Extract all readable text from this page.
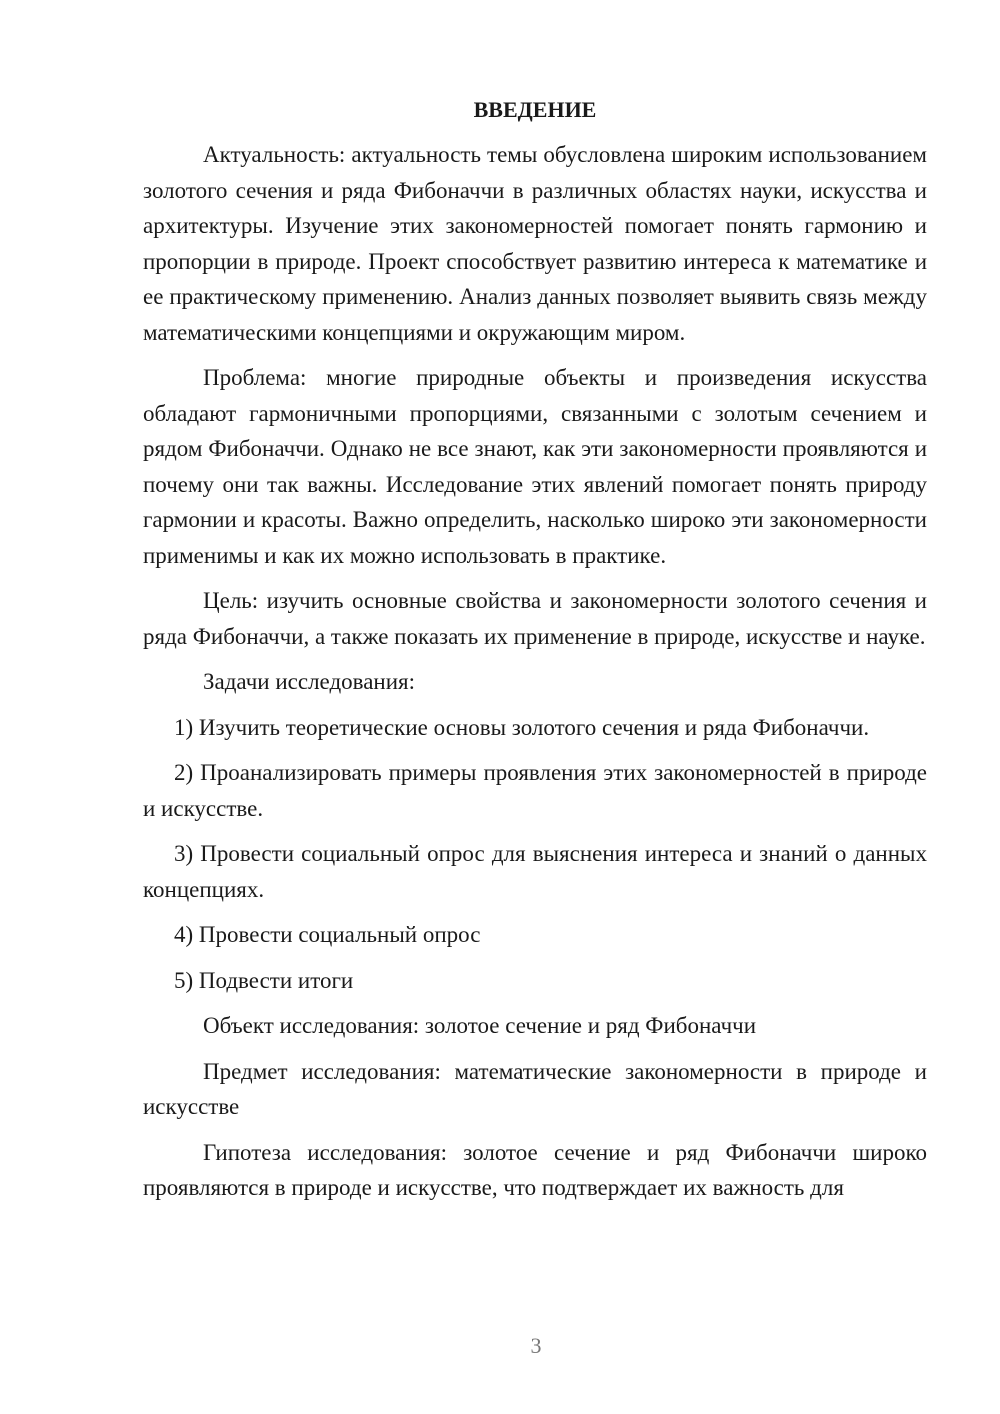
ВВЕДЕНИЕ

Актуальность: актуальность темы обусловлена широким использованием золотого сечения и ряда Фибоначчи в различных областях науки, искусства и архитектуры. Изучение этих закономерностей помогает понять гармонию и пропорции в природе. Проект способствует развитию интереса к математике и ее практическому применению. Анализ данных позволяет выявить связь между математическими концепциями и окружающим миром.

Проблема: многие природные объекты и произведения искусства обладают гармоничными пропорциями, связанными с золотым сечением и рядом Фибоначчи. Однако не все знают, как эти закономерности проявляются и почему они так важны. Исследование этих явлений помогает понять природу гармонии и красоты. Важно определить, насколько широко эти закономерности применимы и как их можно использовать в практике.

Цель: изучить основные свойства и закономерности золотого сечения и ряда Фибоначчи, а также показать их применение в природе, искусстве и науке.

Задачи исследования:

1) Изучить теоретические основы золотого сечения и ряда Фибоначчи.

2) Проанализировать примеры проявления этих закономерностей в природе и искусстве.

3) Провести социальный опрос для выяснения интереса и знаний о данных концепциях.

4) Провести социальный опрос

5) Подвести итоги

Объект исследования: золотое сечение и ряд Фибоначчи

Предмет исследования: математические закономерности в природе и искусстве

Гипотеза исследования: золотое сечение и ряд Фибоначчи широко проявляются в природе и искусстве, что подтверждает их важность для

3
